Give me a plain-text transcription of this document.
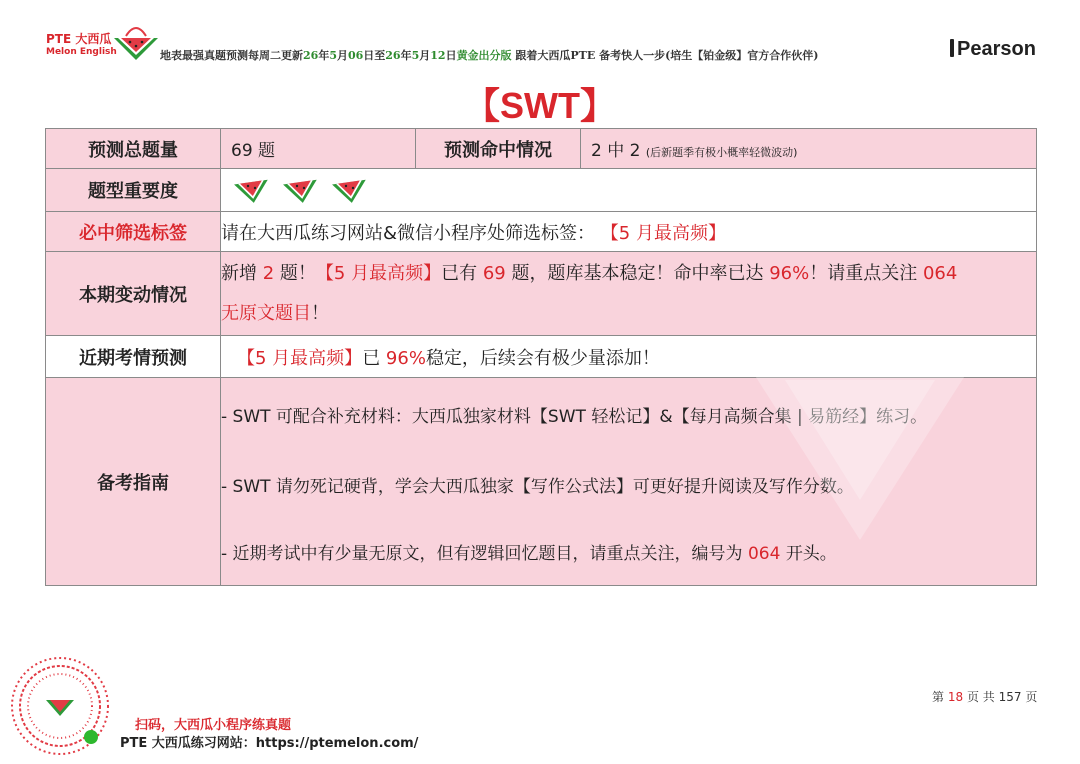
PTE 大西瓜
Melon English	地表最强真题预测每周二更新26年5月06日至26年5月12日黄金出分版 跟着大西瓜PTE 备考快人一步(培生【铂金级】官方合作伙伴)	Pearson
【SWT】
预测总题量	69 题	预测命中情况	2 中 2 (后新题季有极小概率轻微波动)
题型重要度	
必中筛选标签	请在大西瓜练习网站&微信小程序处筛选标签： 【5 月最高频】		
本期变动情况	新增 2 题！【5 月最高频】已有 69 题，题库基本稳定！命中率已达 96%！请重点关注 064
无原文题目！		
近期考情预测	【5 月最高频】已 96%稳定，后续会有极少量添加！		
备考指南	- SWT 可配合补充材料：大西瓜独家材料【SWT 轻松记】&【每月高频合集 | 易筋经】练习。
- SWT 请勿死记硬背，学会大西瓜独家【写作公式法】可更好提升阅读及写作分数。
- 近期考试中有少量无原文，但有逻辑回忆题目，请重点关注，编号为 064 开头。		
扫码，大西瓜小程序练真题
PTE 大西瓜练习网站：https://ptemelon.com/
第 18 页 共 157 页
